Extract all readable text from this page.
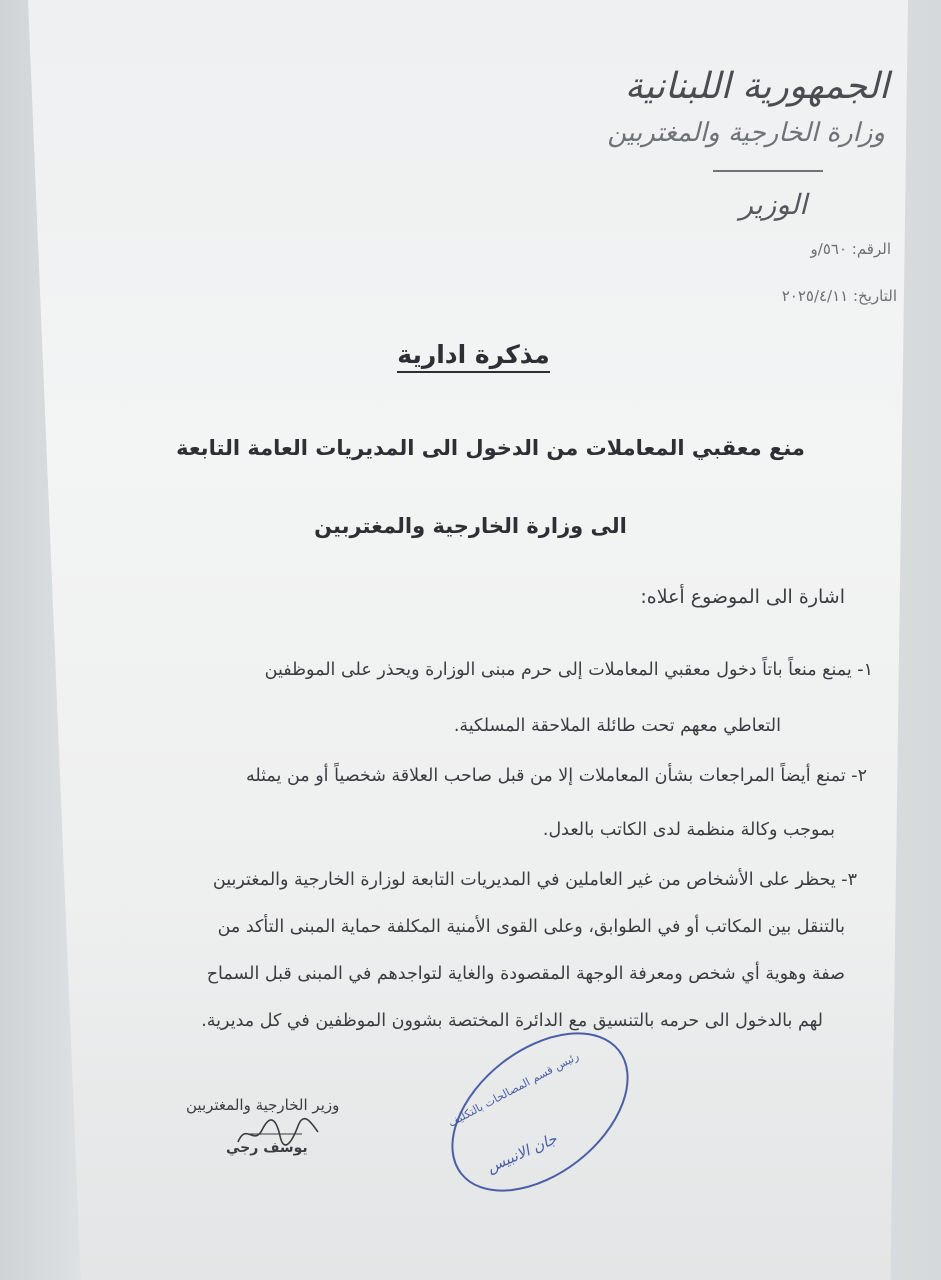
الجمهورية اللبنانية
وزارة الخارجية والمغتربين
الوزير
الرقم: ٥٦٠/و
التاريخ: ٢٠٢٥/٤/١١
مذكرة ادارية
منع معقبي المعاملات من الدخول الى المديريات العامة التابعة
الى وزارة الخارجية والمغتربين
اشارة الى الموضوع أعلاه:
١- يمنع منعاً باتاً دخول معقبي المعاملات إلى حرم مبنى الوزارة ويحذر على الموظفين
التعاطي معهم تحت طائلة الملاحقة المسلكية.
٢- تمنع أيضاً المراجعات بشأن المعاملات إلا من قبل صاحب العلاقة شخصياً أو من يمثله
بموجب وكالة منظمة لدى الكاتب بالعدل.
٣- يحظر على الأشخاص من غير العاملين في المديريات التابعة لوزارة الخارجية والمغتربين
بالتنقل بين المكاتب أو في الطوابق، وعلى القوى الأمنية المكلفة حماية المبنى التأكد من
صفة وهوية أي شخص ومعرفة الوجهة المقصودة والغاية لتواجدهم في المبنى قبل السماح
لهم بالدخول الى حرمه بالتنسيق مع الدائرة المختصة بشوون الموظفين في كل مديرية.
وزير الخارجية والمغتربين
يوسف رجي
رئيس قسم المصالحات بالتكليف
جان الانبيس
